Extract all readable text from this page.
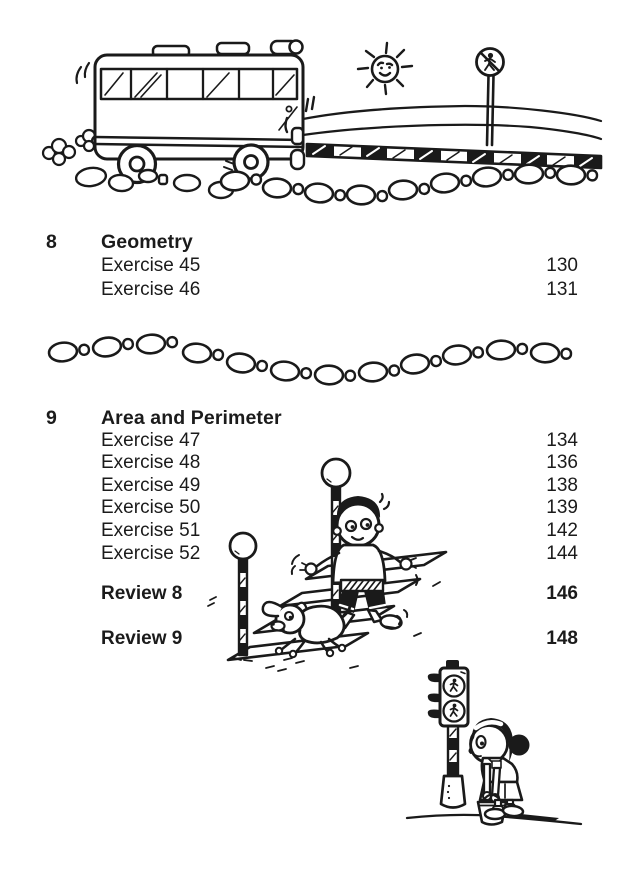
8	Geometry
Exercise 45	130
Exercise 46	131
9	Area and Perimeter
Exercise 47	134
Exercise 48	136
Exercise 49	138
Exercise 50	139
Exercise 51	142
Exercise 52	144
Review 8	146
Review 9	148
